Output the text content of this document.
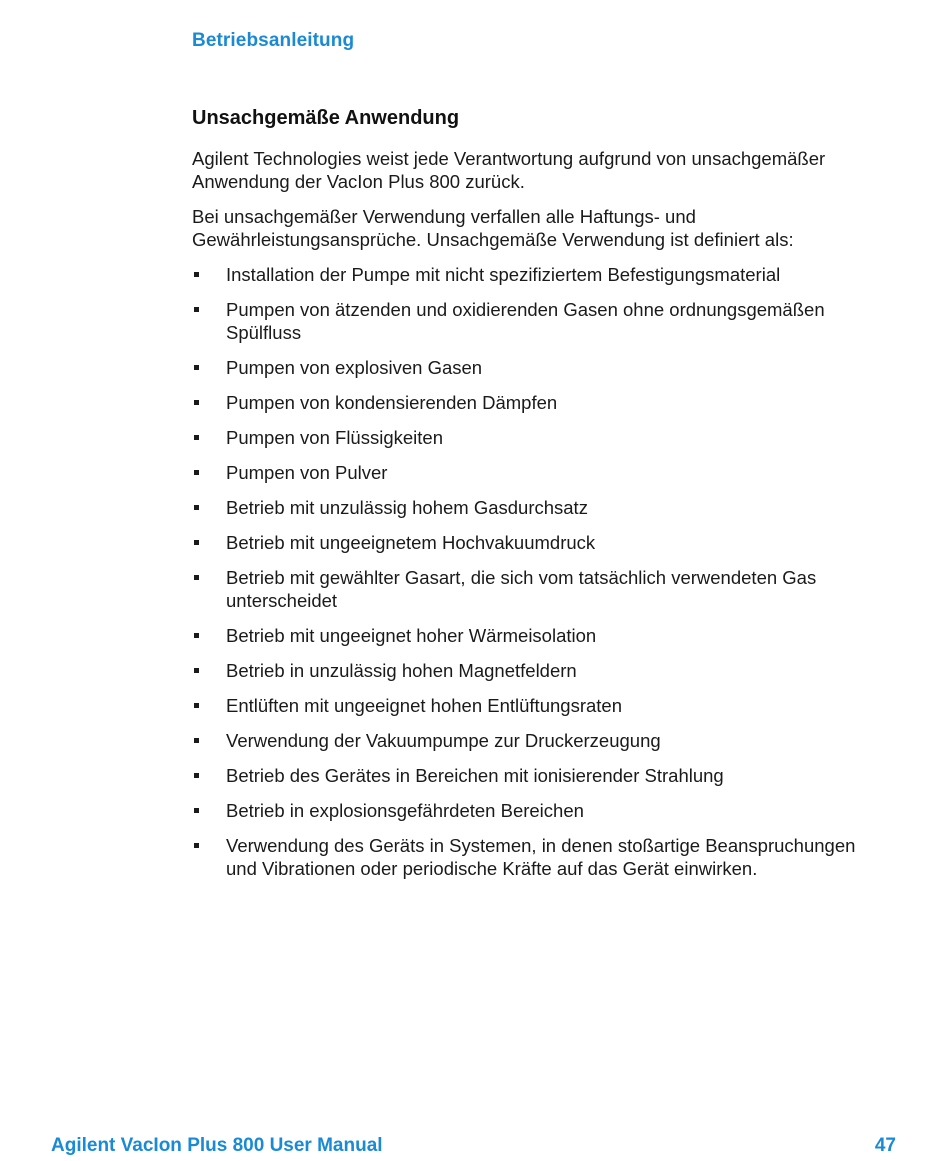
Betriebsanleitung
Unsachgemäße Anwendung

Agilent Technologies weist jede Verantwortung aufgrund von unsachgemäßer Anwendung der VacIon Plus 800 zurück.

Bei unsachgemäßer Verwendung verfallen alle Haftungs- und Gewährleistungsansprüche. Unsachgemäße Verwendung ist definiert als:

Installation der Pumpe mit nicht spezifiziertem Befestigungsmaterial
Pumpen von ätzenden und oxidierenden Gasen ohne ordnungsgemäßen Spülfluss
Pumpen von explosiven Gasen
Pumpen von kondensierenden Dämpfen
Pumpen von Flüssigkeiten
Pumpen von Pulver
Betrieb mit unzulässig hohem Gasdurchsatz
Betrieb mit ungeeignetem Hochvakuumdruck
Betrieb mit gewählter Gasart, die sich vom tatsächlich verwendeten Gas unterscheidet
Betrieb mit ungeeignet hoher Wärmeisolation
Betrieb in unzulässig hohen Magnetfeldern
Entlüften mit ungeeignet hohen Entlüftungsraten
Verwendung der Vakuumpumpe zur Druckerzeugung
Betrieb des Gerätes in Bereichen mit ionisierender Strahlung
Betrieb in explosionsgefährdeten Bereichen
Verwendung des Geräts in Systemen, in denen stoßartige Beanspruchungen und Vibrationen oder periodische Kräfte auf das Gerät einwirken.
Agilent VacIon Plus 800 User Manual	47
